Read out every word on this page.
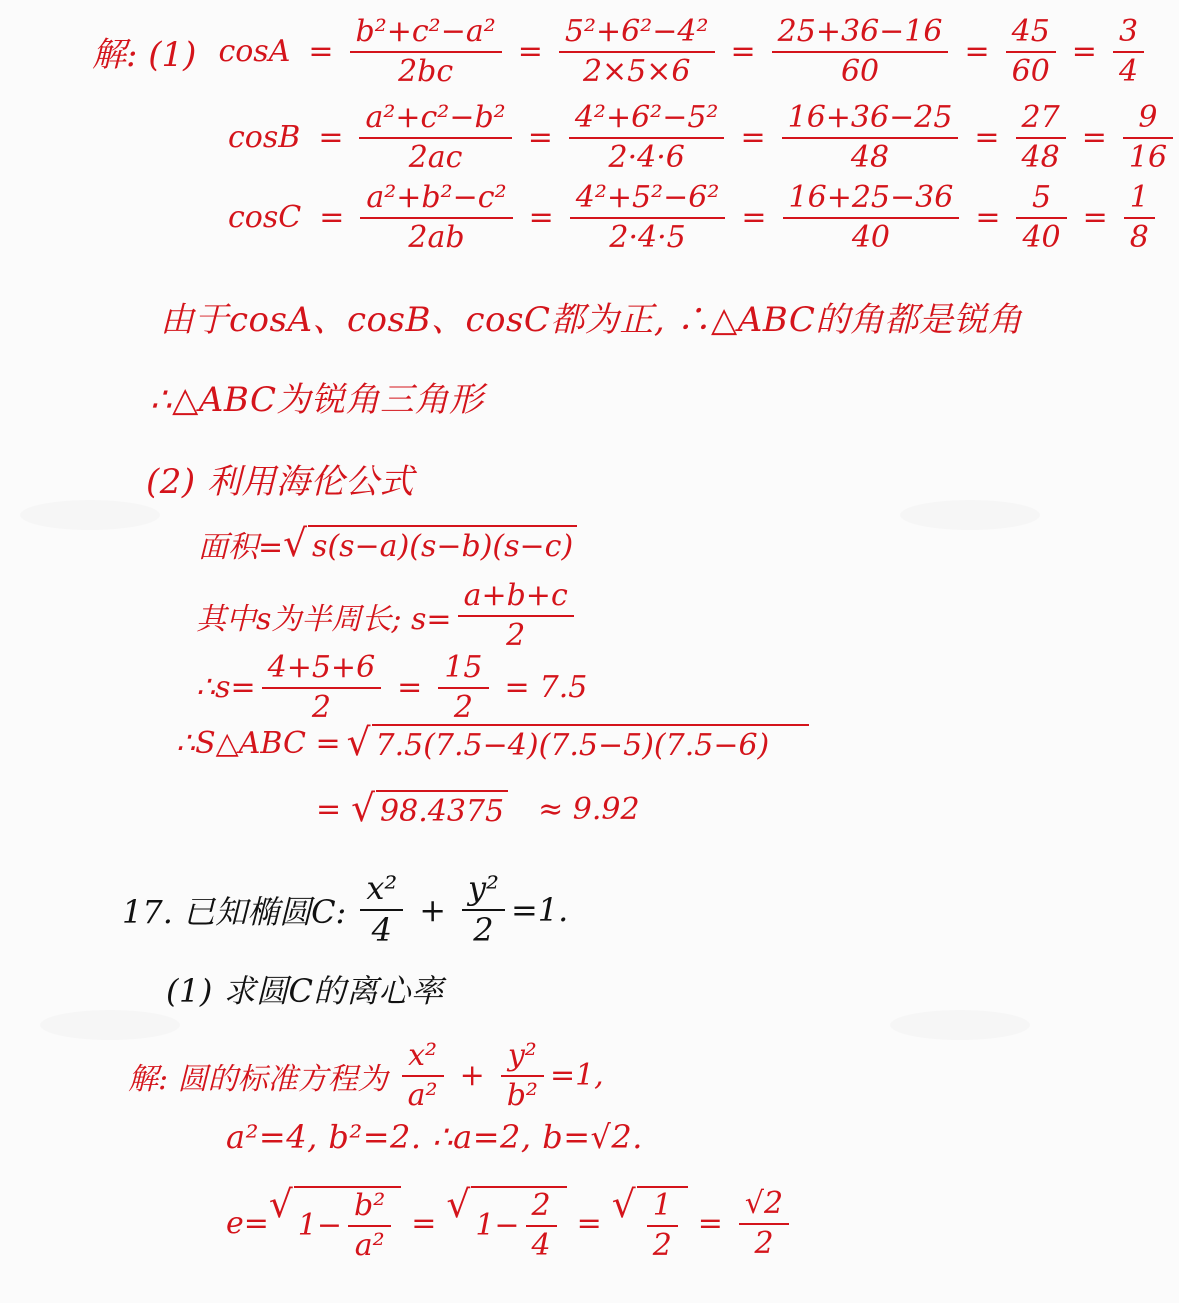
解: (1) $\cos A = \frac{\text{b²+c²−a²}}{2bc} = \frac{\text{5²+6²−4²}}{2\times 5\times 6} = \frac{25+36-16}{60} = \frac{45}{60} = \frac{3}{4}$
$\cos B = \frac{\text{a²+c²−b²}}{2ac} = \frac{\text{4²+6²−5²}}{2\cdot 4\cdot 6} = \frac{16+36-25}{48} = \frac{27}{48} = \frac{9}{16}$
$\cos C = \frac{\text{a²+b²−c²}}{2ab} = \frac{\text{4²+5²−6²}}{2\cdot 4\cdot 5} = \frac{16+25-36}{40} = \frac{5}{40} = \frac{1}{8}$
由于cosA、cosB、cosC都为正, ∴△ABC的角都是锐角
∴△ABC为锐角三角形
(2) 利用海伦公式
面积= √ s(s−a)(s−b)(s−c)
其中s为半周长; $s= \frac{a+b+c}{2}$
∴s= $\frac{4+5+6}{2} = \frac{15}{2} = 7.5$
∴S△ABC = √ 7.5(7.5−4)(7.5−5)(7.5−6)
= √ 98.4375 ≈ 9.92
17. 已知椭圆C: $\frac{\text{x²}}{4} + \frac{\text{y²}}{2} =1$.
(1) 求圆C的离心率
解: 圆的标准方程为 $\frac{\text{x²}}{\text{a²}} + \frac{\text{y²}}{\text{b²}} =1$,
a²=4, b²=2. ∴a=2, b=√2.
e= √ $1- \frac{\text{b²}}{\text{a²}}$ = √ $1- \frac{2}{4}$ = √ $\frac{1}{2} = \frac{√2}{2}$
